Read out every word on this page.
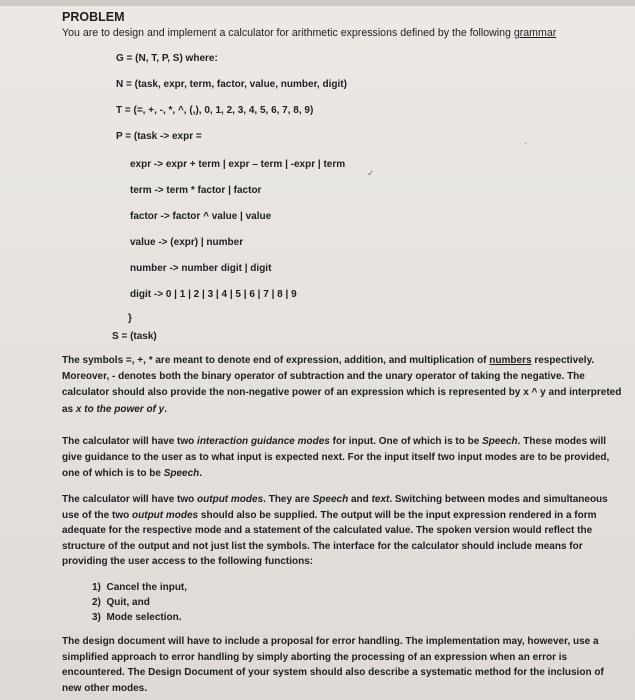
PROBLEM
You are to design and implement a calculator for arithmetic expressions defined by the following grammar
G = (N, T, P, S) where:
N = (task, expr, term, factor, value, number, digit)
T = (=, +, -, *, ^, (,), 0, 1, 2, 3, 4, 5, 6, 7, 8, 9)
P = (task -> expr =
expr -> expr + term | expr – term | -expr | term
term -> term * factor | factor
factor -> factor ^ value | value
value -> (expr) | number
number -> number digit | digit
digit -> 0 | 1 | 2 | 3 | 4 | 5 | 6 | 7 | 8 | 9
}
S = (task)
·
✓
The symbols =, +, * are meant to denote end of expression, addition, and multiplication of numbers respectively. Moreover, - denotes both the binary operator of subtraction and the unary operator of taking the negative. The calculator should also provide the non-negative power of an expression which is represented by x ^ y and interpreted as x to the power of y.
The calculator will have two interaction guidance modes for input. One of which is to be Speech. These modes will give guidance to the user as to what input is expected next. For the input itself two input modes are to be provided, one of which is to be Speech.
The calculator will have two output modes. They are Speech and text. Switching between modes and simultaneous use of the two output modes should also be supplied. The output will be the input expression rendered in a form adequate for the respective mode and a statement of the calculated value. The spoken version would reflect the structure of the output and not just list the symbols. The interface for the calculator should include means for providing the user access to the following functions:
1) Cancel the input,
2) Quit, and
3) Mode selection.
The design document will have to include a proposal for error handling. The implementation may, however, use a simplified approach to error handling by simply aborting the processing of an expression when an error is encountered. The Design Document of your system should also describe a systematic method for the inclusion of new other modes.
